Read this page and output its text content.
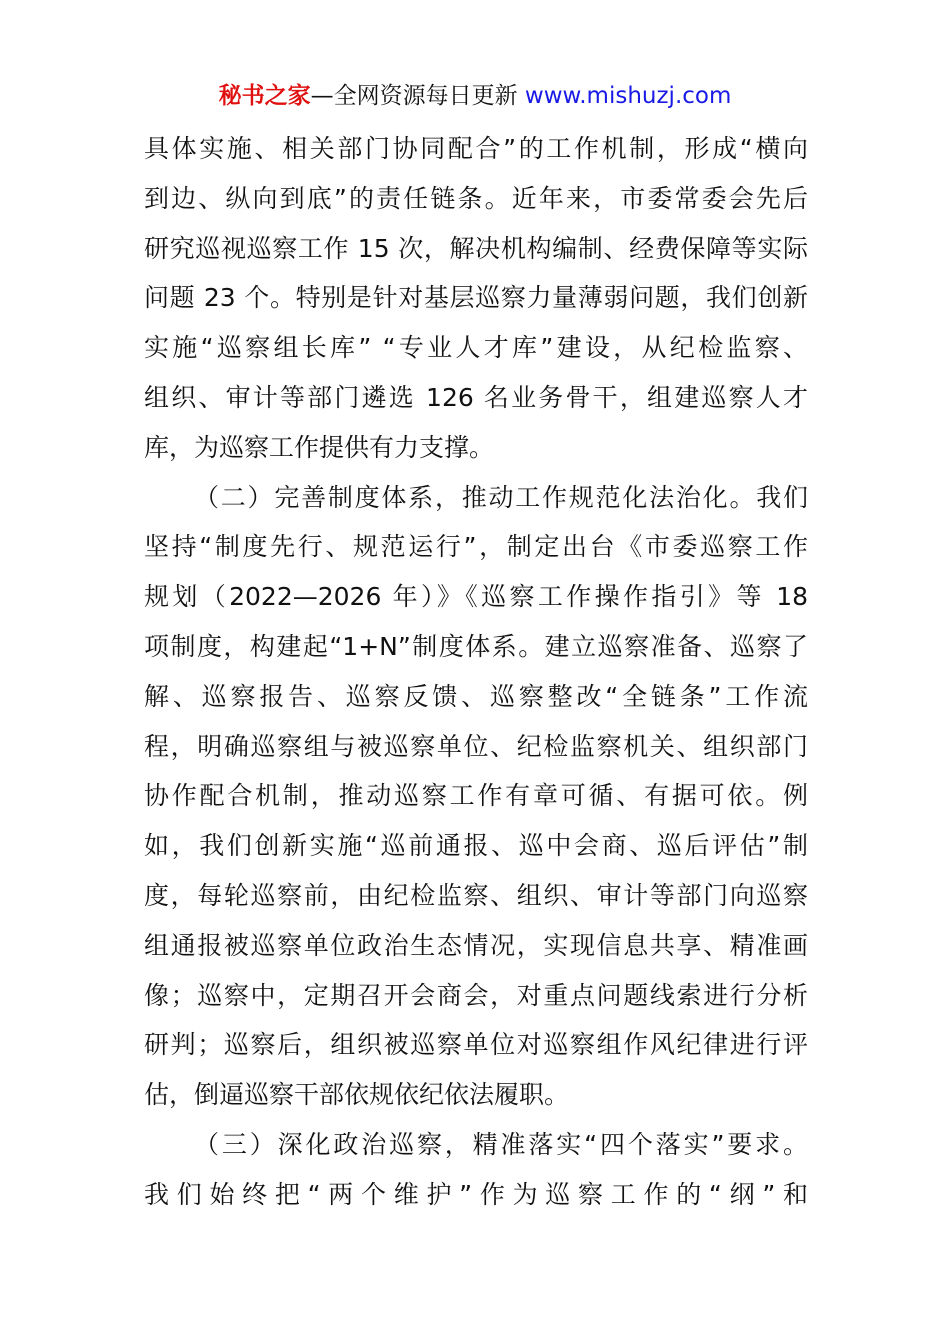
秘书之家—全网资源每日更新 www.mishuzj.com
具体实施、相关部门协同配合”的工作机制，形成“横向
到边、纵向到底”的责任链条。近年来，市委常委会先后
研究巡视巡察工作 15 次，解决机构编制、经费保障等实际
问题 23 个。特别是针对基层巡察力量薄弱问题，我们创新
实施“巡察组长库” “专业人才库”建设，从纪检监察、
组织、审计等部门遴选 126 名业务骨干，组建巡察人才
库，为巡察工作提供有力支撑。
（二）完善制度体系，推动工作规范化法治化。我们
坚持“制度先行、规范运行”，制定出台《市委巡察工作
规划（2022—2026 年）》《巡察工作操作指引》等 18
项制度，构建起“1+N”制度体系。建立巡察准备、巡察了
解、巡察报告、巡察反馈、巡察整改“全链条”工作流
程，明确巡察组与被巡察单位、纪检监察机关、组织部门
协作配合机制，推动巡察工作有章可循、有据可依。例
如，我们创新实施“巡前通报、巡中会商、巡后评估”制
度，每轮巡察前，由纪检监察、组织、审计等部门向巡察
组通报被巡察单位政治生态情况，实现信息共享、精准画
像；巡察中，定期召开会商会，对重点问题线索进行分析
研判；巡察后，组织被巡察单位对巡察组作风纪律进行评
估，倒逼巡察干部依规依纪依法履职。
（三）深化政治巡察，精准落实“四个落实”要求。
我们始终把“两个维护”作为巡察工作的“纲”和
